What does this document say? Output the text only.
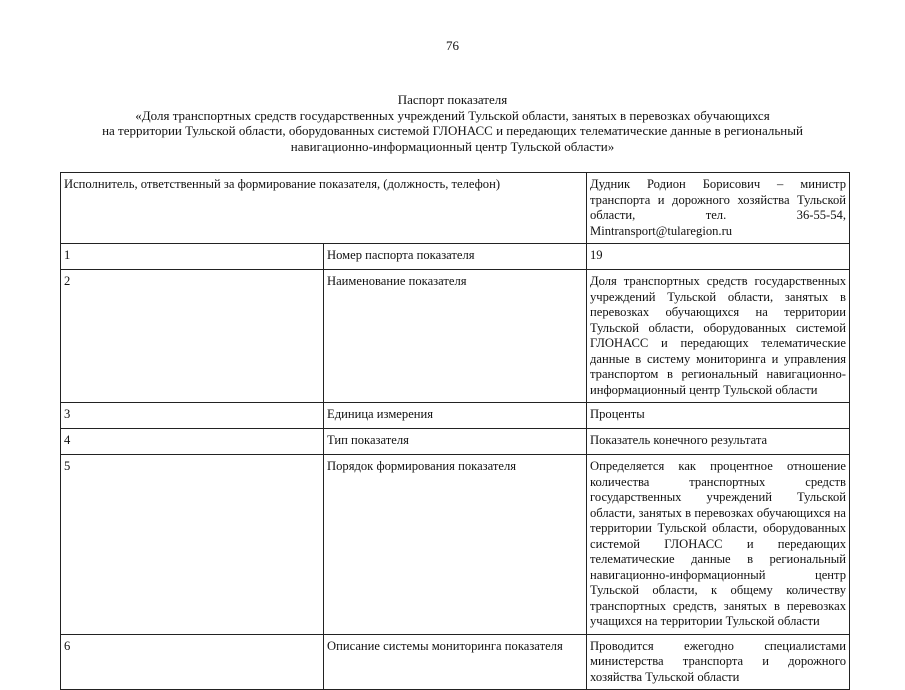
76
Паспорт показателя
«Доля транспортных средств государственных учреждений Тульской области, занятых в перевозках обучающихся
на территории Тульской области, оборудованных системой ГЛОНАСС и передающих телематические данные в региональный
навигационно-информационный центр Тульской области»
Исполнитель, ответственный за формирование показателя, (должность, телефон)		Дудник Родион Борисович – министр транспорта и дорожного хозяйства Тульской области, тел. 36-55-54, Mintransport@tularegion.ru
1	Номер паспорта показателя	19
2	Наименование показателя	Доля транспортных средств государственных учреждений Тульской области, занятых в перевозках обучающихся на территории Тульской области, оборудованных системой ГЛОНАСС и передающих телематические данные в систему мониторинга и управления транспортом в региональный навигационно-информационный центр Тульской области
3	Единица измерения	Проценты
4	Тип показателя	Показатель конечного результата
5	Порядок формирования показателя	Определяется как процентное отношение количества транспортных средств государственных учреждений Тульской области, занятых в перевозках обучающихся на территории Тульской области, оборудованных системой ГЛОНАСС и передающих телематические данные в региональный навигационно-информационный центр Тульской области, к общему количеству транспортных средств, занятых в перевозках учащихся на территории Тульской области
6	Описание системы мониторинга показателя	Проводится ежегодно специалистами министерства транспорта и дорожного хозяйства Тульской области
